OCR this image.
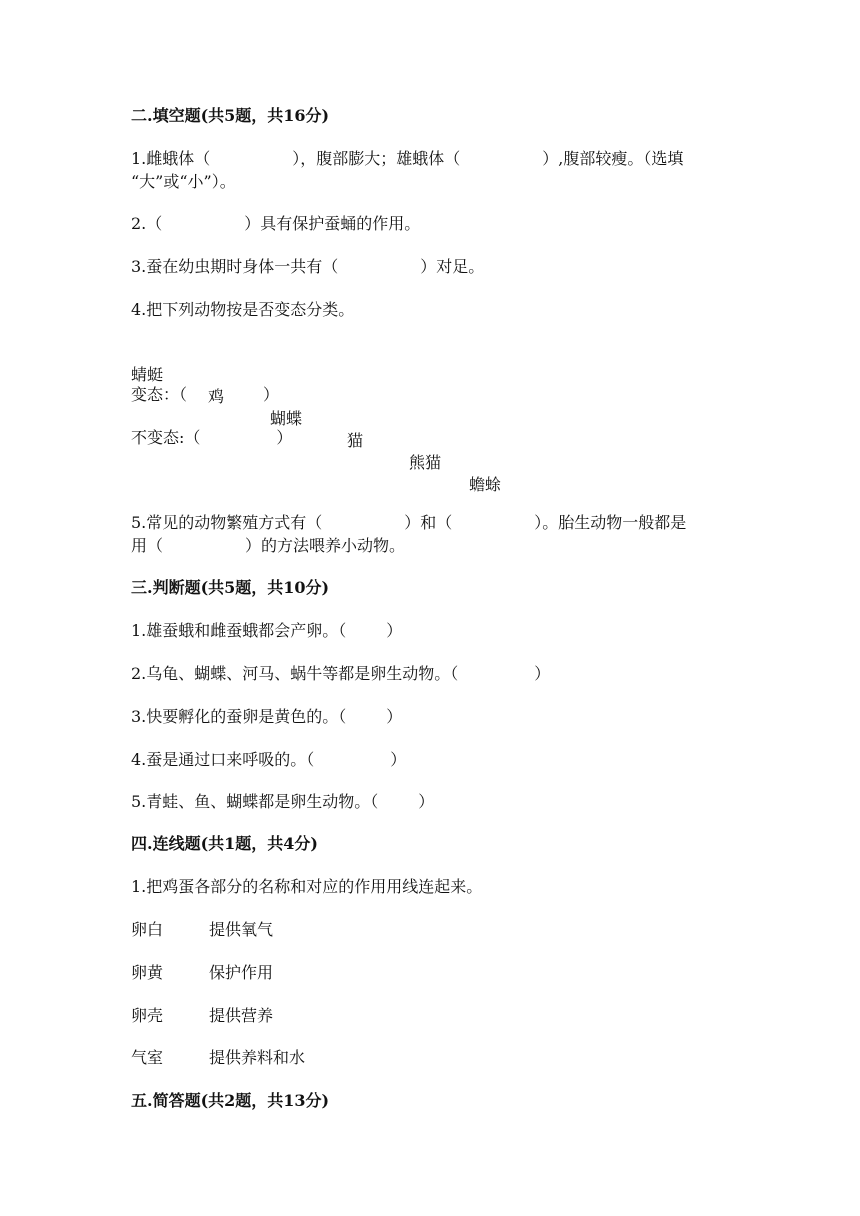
二.填空题(共5题，共16分)
1.雌蛾体（	），腹部膨大；雄蛾体（	）,腹部较瘦。（选填
“大”或“小”）。
2.（	）具有保护蚕蛹的作用。
3.蚕在幼虫期时身体一共有（	）对足。
4.把下列动物按是否变态分类。

蜻蜓

鸡

蝴蝶

猫

熊猫

蟾蜍

变态：（	）
不变态:（	）
5.常见的动物繁殖方式有（	）和（	）。胎生动物一般都是
用（	）的方法喂养小动物。
三.判断题(共5题，共10分)
1.雄蚕蛾和雌蚕蛾都会产卵。（	）
2.乌龟、蝴蝶、河马、蜗牛等都是卵生动物。（	）
3.快要孵化的蚕卵是黄色的。（	）
4.蚕是通过口来呼吸的。（	）
5.青蛙、鱼、蝴蝶都是卵生动物。（	）
四.连线题(共1题，共4分)
1.把鸡蛋各部分的名称和对应的作用用线连起来。
卵白	提供氧气
卵黄	保护作用
卵壳	提供营养
气室	提供养料和水
五.简答题(共2题，共13分)
